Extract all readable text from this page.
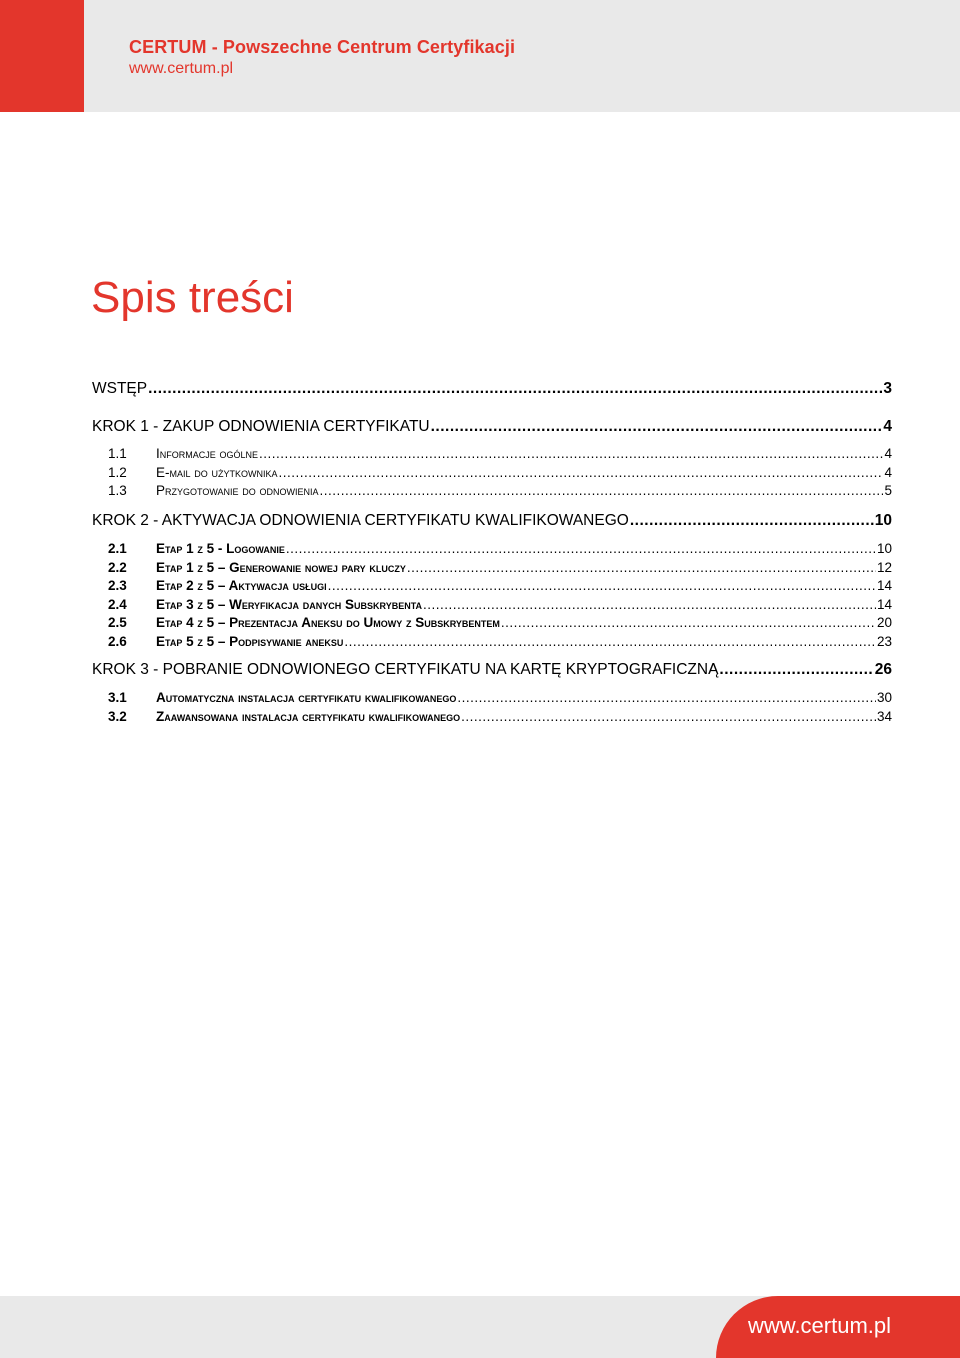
CERTUM - Powszechne Centrum Certyfikacji
www.certum.pl
Spis treści
WSTĘP .....	3
KROK 1 - ZAKUP ODNOWIENIA CERTYFIKATU .....	4
1.1	Informacje ogólne .....	4
1.2	E-mail do użytkownika .....	4
1.3	Przygotowanie do odnowienia .....	5
KROK 2 - AKTYWACJA ODNOWIENIA CERTYFIKATU KWALIFIKOWANEGO .....	10
2.1	Etap 1 z 5 - Logowanie .....	10
2.2	Etap 1 z 5 – Generowanie nowej pary kluczy .....	12
2.3	Etap 2 z 5 – Aktywacja usługi .....	14
2.4	Etap 3 z 5 – Weryfikacja danych Subskrybenta .....	14
2.5	Etap 4 z 5 – Prezentacja Aneksu do Umowy z Subskrybentem .....	20
2.6	Etap 5 z 5 – Podpisywanie aneksu .....	23
KROK 3 - POBRANIE ODNOWIONEGO CERTYFIKATU NA KARTĘ KRYPTOGRAFICZNĄ .....	26
3.1	Automatyczna instalacja certyfikatu kwalifikowanego .....	30
3.2	Zaawansowana instalacja certyfikatu kwalifikowanego .....	34
www.certum.pl
